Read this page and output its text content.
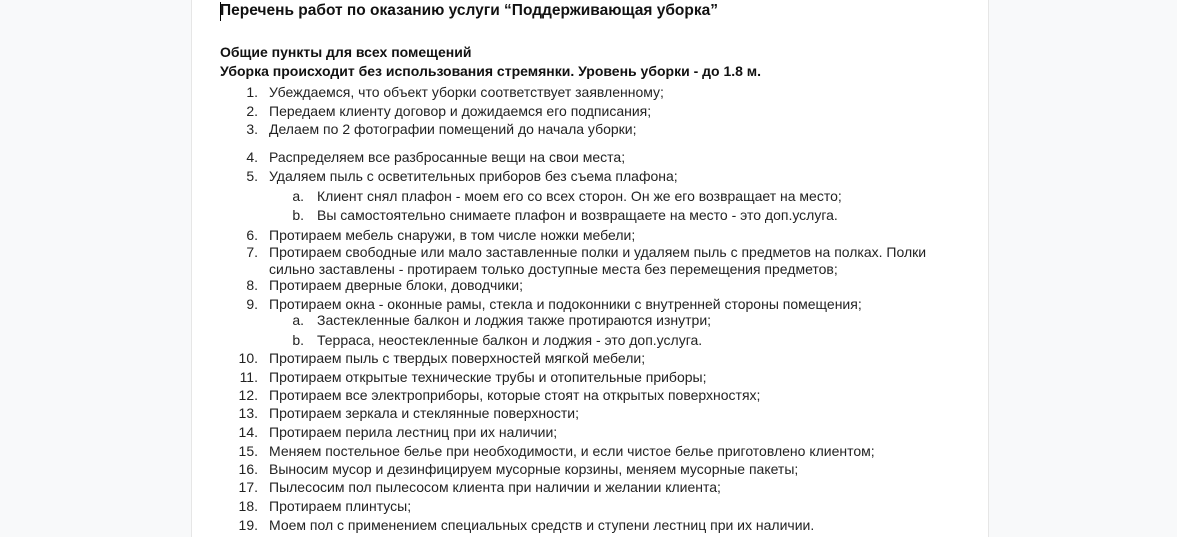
Перечень работ по оказанию услуги “Поддерживающая уборка”
Общие пункты для всех помещений
Уборка происходит без использования стремянки. Уровень уборки - до 1.8 м.
1. Убеждаемся, что объект уборки соответствует заявленному;
2. Передаем клиенту договор и дожидаемся его подписания;
3. Делаем по 2 фотографии помещений до начала уборки;
4. Распределяем все разбросанные вещи на свои места;
5. Удаляем пыль с осветительных приборов без съема плафона;
a. Клиент снял плафон - моем его со всех сторон. Он же его возвращает на место;
b. Вы самостоятельно снимаете плафон и возвращаете на место - это доп.услуга.
6. Протираем мебель снаружи, в том числе ножки мебели;
7. Протираем свободные или мало заставленные полки и удаляем пыль с предметов на полках. Полки
сильно заставлены - протираем только доступные места без перемещения предметов;
8. Протираем дверные блоки, доводчики;
9. Протираем окна - оконные рамы, стекла и подоконники с внутренней стороны помещения;
a. Застекленные балкон и лоджия также протираются изнутри;
b. Терраса, неостекленные балкон и лоджия - это доп.услуга.
10. Протираем пыль с твердых поверхностей мягкой мебели;
11. Протираем открытые технические трубы и отопительные приборы;
12. Протираем все электроприборы, которые стоят на открытых поверхностях;
13. Протираем зеркала и стеклянные поверхности;
14. Протираем перила лестниц при их наличии;
15. Меняем постельное белье при необходимости, и если чистое белье приготовлено клиентом;
16. Выносим мусор и дезинфицируем мусорные корзины, меняем мусорные пакеты;
17. Пылесосим пол пылесосом клиента при наличии и желании клиента;
18. Протираем плинтусы;
19. Моем пол с применением специальных средств и ступени лестниц при их наличии.
